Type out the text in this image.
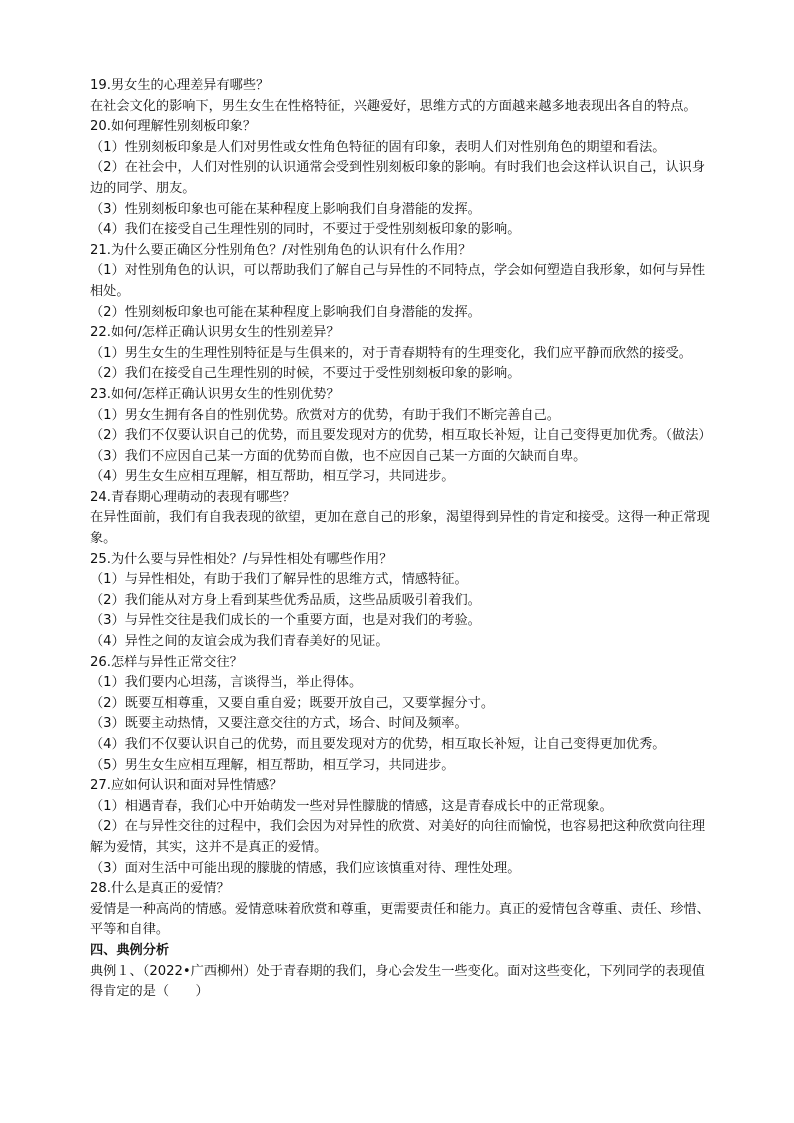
19.男女生的心理差异有哪些？

在社会文化的影响下，男生女生在性格特征，兴趣爱好，思维方式的方面越来越多地表现出各自的特点。

20.如何理解性别刻板印象？

（1）性别刻板印象是人们对男性或女性角色特征的固有印象，表明人们对性别角色的期望和看法。

（2）在社会中，人们对性别的认识通常会受到性别刻板印象的影响。有时我们也会这样认识自己，认识身边的同学、朋友。

（3）性别刻板印象也可能在某种程度上影响我们自身潜能的发挥。

（4）我们在接受自己生理性别的同时，不要过于受性别刻板印象的影响。

21.为什么要正确区分性别角色？/对性别角色的认识有什么作用？

（1）对性别角色的认识，可以帮助我们了解自己与异性的不同特点，学会如何塑造自我形象，如何与异性相处。

（2）性别刻板印象也可能在某种程度上影响我们自身潜能的发挥。

22.如何/怎样正确认识男女生的性别差异？

（1）男生女生的生理性别特征是与生俱来的，对于青春期特有的生理变化，我们应平静而欣然的接受。（2）我们在接受自己生理性别的时候，不要过于受性别刻板印象的影响。

23.如何/怎样正确认识男女生的性别优势？

（1）男女生拥有各自的性别优势。欣赏对方的优势，有助于我们不断完善自己。

（2）我们不仅要认识自己的优势，而且要发现对方的优势，相互取长补短，让自己变得更加优秀。（做法）

（3）我们不应因自己某一方面的优势而自傲，也不应因自己某一方面的欠缺而自卑。

（4）男生女生应相互理解，相互帮助，相互学习，共同进步。

24.青春期心理萌动的表现有哪些？

在异性面前，我们有自我表现的欲望，更加在意自己的形象，渴望得到异性的肯定和接受。这得一种正常现象。

25.为什么要与异性相处？/与异性相处有哪些作用？

（1）与异性相处，有助于我们了解异性的思维方式，情感特征。

（2）我们能从对方身上看到某些优秀品质，这些品质吸引着我们。

（3）与异性交往是我们成长的一个重要方面，也是对我们的考验。

（4）异性之间的友谊会成为我们青春美好的见证。

26.怎样与异性正常交往？

（1）我们要内心坦荡，言谈得当，举止得体。

（2）既要互相尊重，又要自重自爱；既要开放自己，又要掌握分寸。

（3）既要主动热情，又要注意交往的方式，场合、时间及频率。

（4）我们不仅要认识自己的优势，而且要发现对方的优势，相互取长补短，让自己变得更加优秀。

（5）男生女生应相互理解，相互帮助，相互学习，共同进步。

27.应如何认识和面对异性情感？

（1）相遇青春，我们心中开始萌发一些对异性朦胧的情感，这是青春成长中的正常现象。

（2）在与异性交往的过程中，我们会因为对异性的欣赏、对美好的向往而愉悦，也容易把这种欣赏向往理解为爱情，其实，这并不是真正的爱情。

（3）面对生活中可能出现的朦胧的情感，我们应该慎重对待、理性处理。

28.什么是真正的爱情？

爱情是一种高尚的情感。爱情意味着欣赏和尊重，更需要责任和能力。真正的爱情包含尊重、责任、珍惜、平等和自律。

四、典例分析

典例１、（2022•广西柳州）处于青春期的我们，身心会发生一些变化。面对这些变化，下列同学的表现值得肯定的是（　　）
